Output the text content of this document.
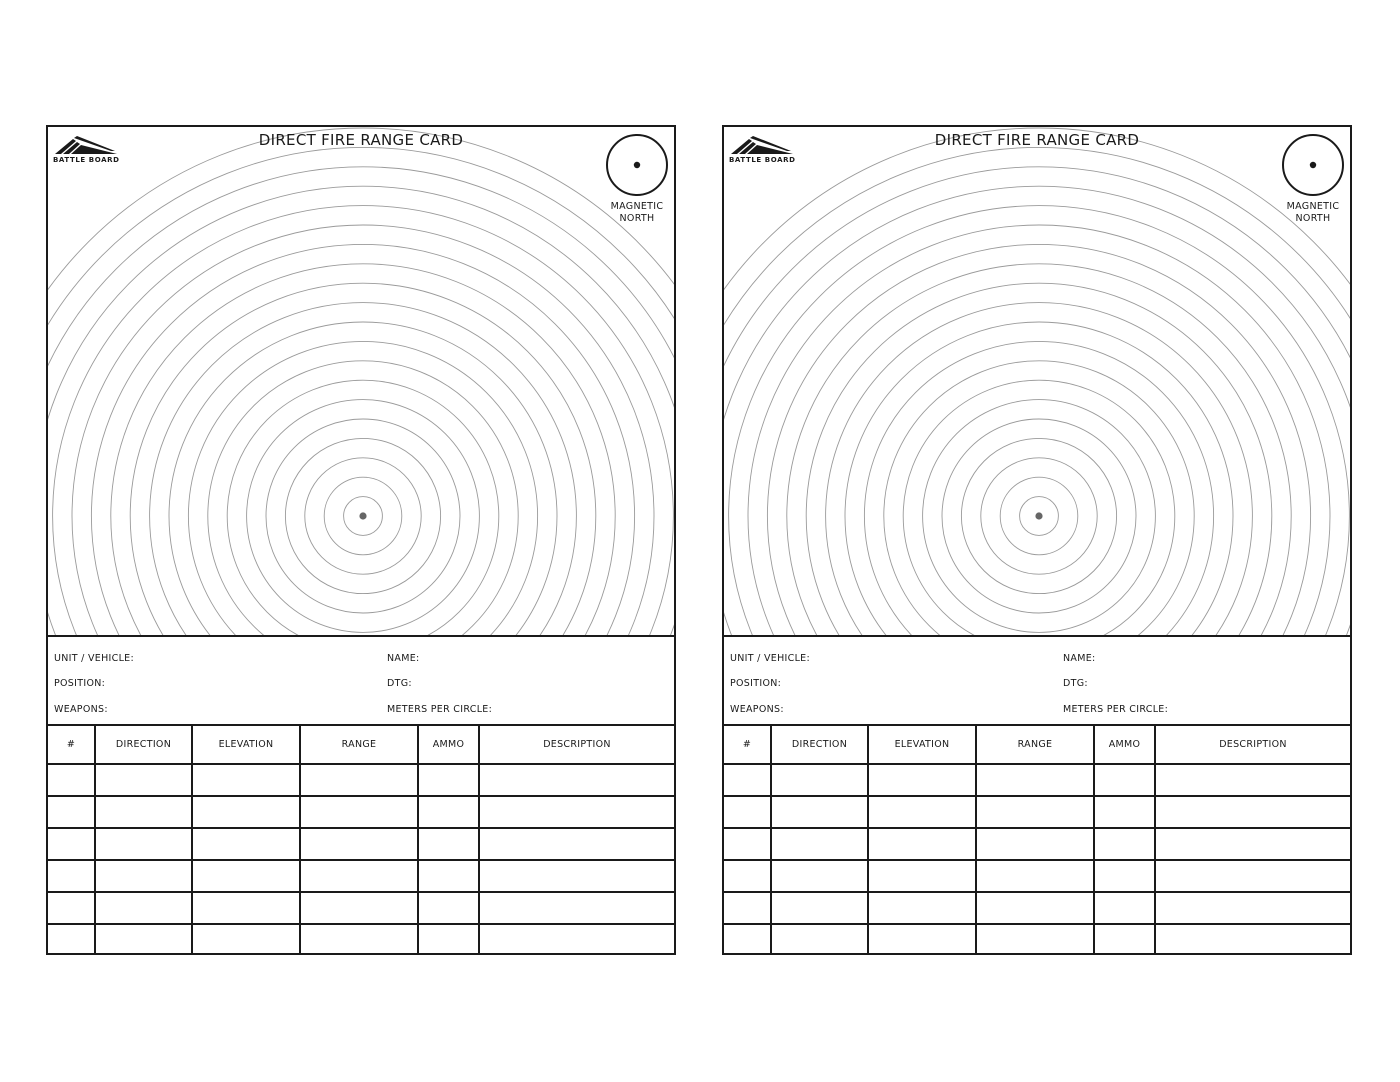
BATTLE BOARD
DIRECT FIRE RANGE CARD
MAGNETIC
NORTH
UNIT / VEHICLE:
POSITION:
WEAPONS:
NAME:
DTG:
METERS PER CIRCLE:
#	DIRECTION	ELEVATION	RANGE	AMMO	DESCRIPTION

BATTLE BOARD
DIRECT FIRE RANGE CARD
MAGNETIC
NORTH
UNIT / VEHICLE:
POSITION:
WEAPONS:
NAME:
DTG:
METERS PER CIRCLE:
#	DIRECTION	ELEVATION	RANGE	AMMO	DESCRIPTION
